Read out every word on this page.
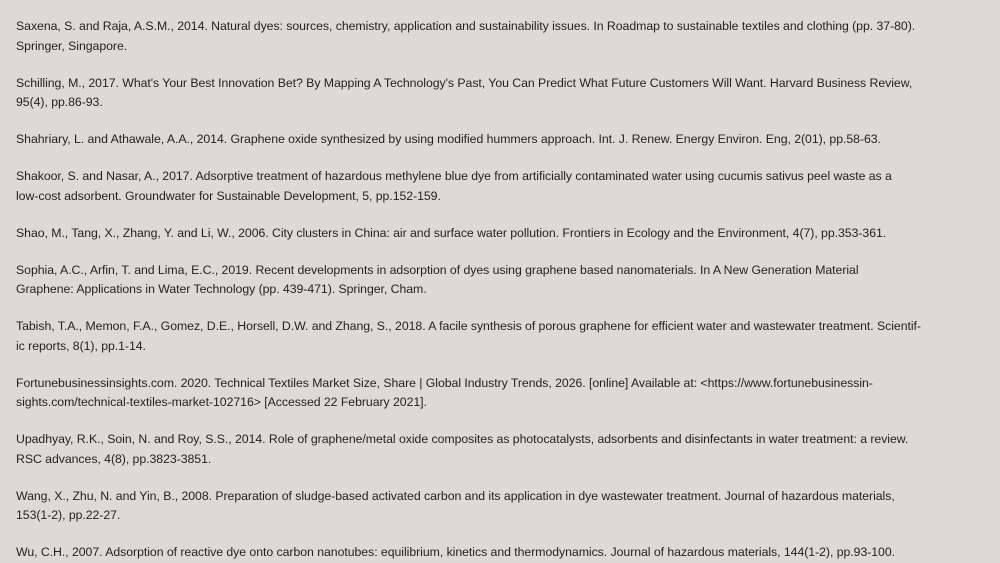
Saxena, S. and Raja, A.S.M., 2014. Natural dyes: sources, chemistry, application and sustainability issues. In Roadmap to sustainable textiles and clothing (pp. 37-80).
Springer, Singapore.
Schilling, M., 2017. What's Your Best Innovation Bet? By Mapping A Technology's Past, You Can Predict What Future Customers Will Want. Harvard Business Review,
95(4), pp.86-93.
Shahriary, L. and Athawale, A.A., 2014. Graphene oxide synthesized by using modified hummers approach. Int. J. Renew. Energy Environ. Eng, 2(01), pp.58-63.
Shakoor, S. and Nasar, A., 2017. Adsorptive treatment of hazardous methylene blue dye from artificially contaminated water using cucumis sativus peel waste as a
low-cost adsorbent. Groundwater for Sustainable Development, 5, pp.152-159.
Shao, M., Tang, X., Zhang, Y. and Li, W., 2006. City clusters in China: air and surface water pollution. Frontiers in Ecology and the Environment, 4(7), pp.353-361.
Sophia, A.C., Arfin, T. and Lima, E.C., 2019. Recent developments in adsorption of dyes using graphene based nanomaterials. In A New Generation Material
Graphene: Applications in Water Technology (pp. 439-471). Springer, Cham.
Tabish, T.A., Memon, F.A., Gomez, D.E., Horsell, D.W. and Zhang, S., 2018. A facile synthesis of porous graphene for efficient water and wastewater treatment. Scientif-
ic reports, 8(1), pp.1-14.
Fortunebusinessinsights.com. 2020. Technical Textiles Market Size, Share | Global Industry Trends, 2026. [online] Available at: <https://www.fortunebusinessin-
sights.com/technical-textiles-market-102716> [Accessed 22 February 2021].
Upadhyay, R.K., Soin, N. and Roy, S.S., 2014. Role of graphene/metal oxide composites as photocatalysts, adsorbents and disinfectants in water treatment: a review.
RSC advances, 4(8), pp.3823-3851.
Wang, X., Zhu, N. and Yin, B., 2008. Preparation of sludge-based activated carbon and its application in dye wastewater treatment. Journal of hazardous materials,
153(1-2), pp.22-27.
Wu, C.H., 2007. Adsorption of reactive dye onto carbon nanotubes: equilibrium, kinetics and thermodynamics. Journal of hazardous materials, 144(1-2), pp.93-100.
